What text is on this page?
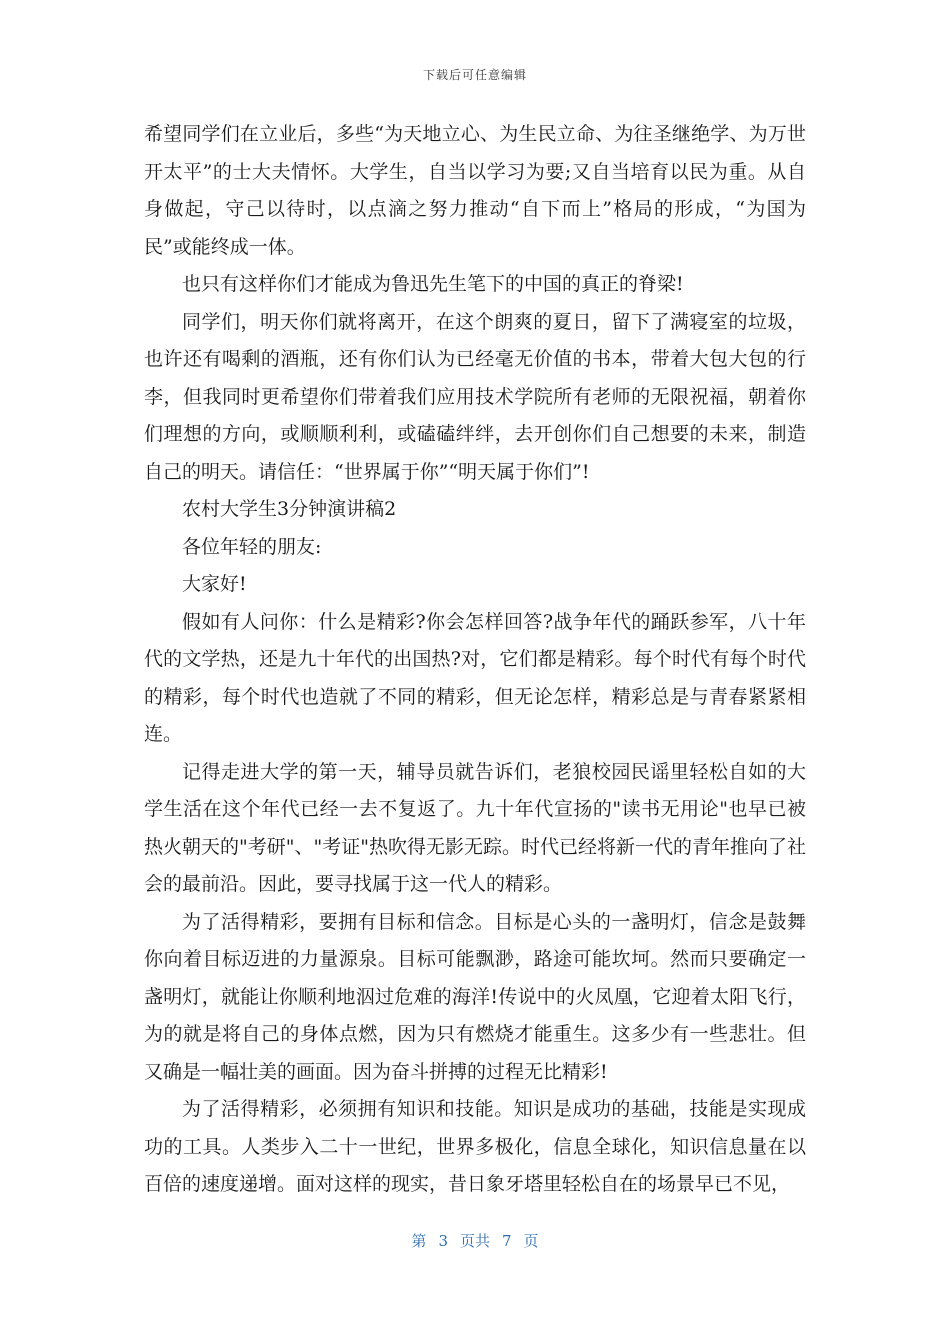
下载后可任意编辑

希望同学们在立业后，多些“为天地立心、为生民立命、为往圣继绝学、为万世开太平”的士大夫情怀。大学生，自当以学习为要;又自当培育以民为重。从自身做起，守己以待时，以点滴之努力推动“自下而上”格局的形成，“为国为民”或能终成一体。

也只有这样你们才能成为鲁迅先生笔下的中国的真正的脊梁!

同学们，明天你们就将离开，在这个朗爽的夏日，留下了满寝室的垃圾，也许还有喝剩的酒瓶，还有你们认为已经毫无价值的书本，带着大包大包的行李，但我同时更希望你们带着我们应用技术学院所有老师的无限祝福，朝着你们理想的方向，或顺顺利利，或磕磕绊绊，去开创你们自己想要的未来，制造自己的明天。请信任：“世界属于你”“明天属于你们”!

农村大学生3分钟演讲稿2

各位年轻的朋友:

大家好!

假如有人问你：什么是精彩?你会怎样回答?战争年代的踊跃参军，八十年代的文学热，还是九十年代的出国热?对，它们都是精彩。每个时代有每个时代的精彩，每个时代也造就了不同的精彩，但无论怎样，精彩总是与青春紧紧相连。

记得走进大学的第一天，辅导员就告诉们，老狼校园民谣里轻松自如的大学生活在这个年代已经一去不复返了。九十年代宣扬的"读书无用论"也早已被热火朝天的"考研"、"考证"热吹得无影无踪。时代已经将新一代的青年推向了社会的最前沿。因此，要寻找属于这一代人的精彩。

为了活得精彩，要拥有目标和信念。目标是心头的一盏明灯，信念是鼓舞你向着目标迈进的力量源泉。目标可能飘渺，路途可能坎坷。然而只要确定一盏明灯，就能让你顺利地泅过危难的海洋!传说中的火凤凰，它迎着太阳飞行，为的就是将自己的身体点燃，因为只有燃烧才能重生。这多少有一些悲壮。但又确是一幅壮美的画面。因为奋斗拼搏的过程无比精彩!

为了活得精彩，必须拥有知识和技能。知识是成功的基础，技能是实现成功的工具。人类步入二十一世纪，世界多极化，信息全球化，知识信息量在以百倍的速度递增。面对这样的现实，昔日象牙塔里轻松自在的场景早已不见，

第 3 页共 7 页
